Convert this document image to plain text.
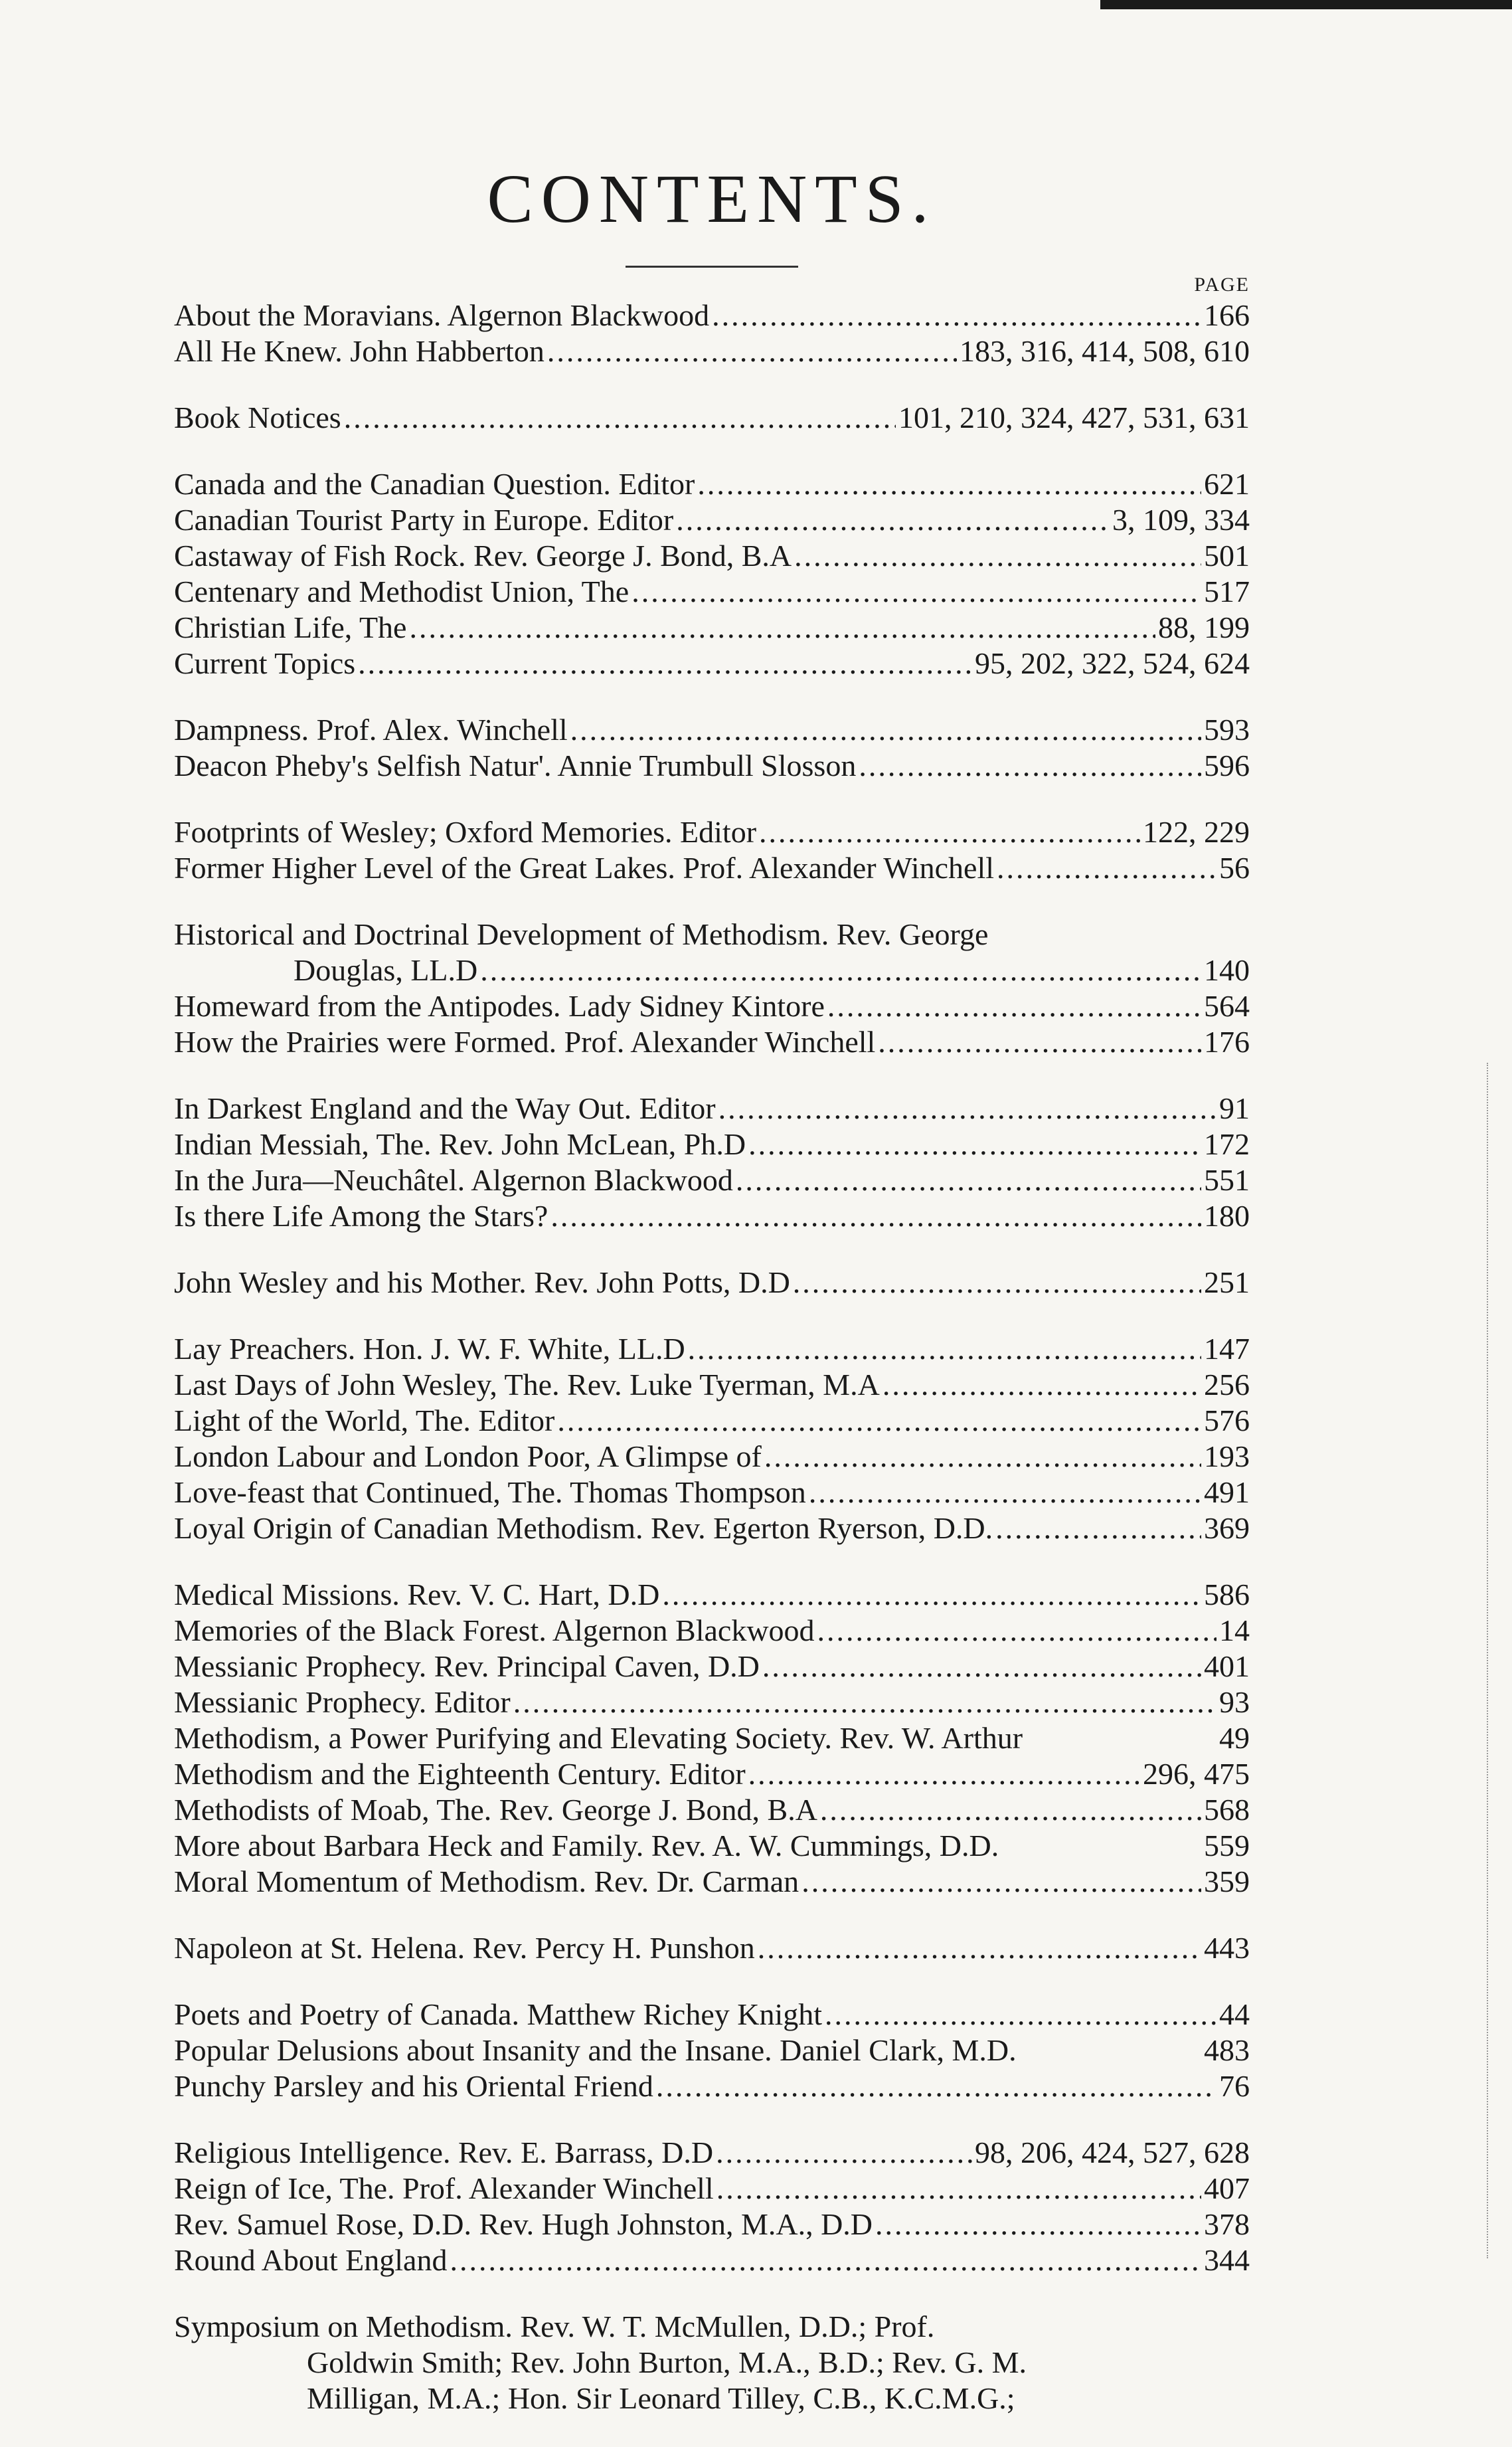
CONTENTS.
PAGE
About the Moravians. Algernon Blackwood .....	166
All He Knew. John Habberton .....	183, 316, 414, 508, 610
Book Notices .....	101, 210, 324, 427, 531, 631
Canada and the Canadian Question. Editor .....	621
Canadian Tourist Party in Europe. Editor .....	3, 109, 334
Castaway of Fish Rock. Rev. George J. Bond, B.A .....	501
Centenary and Methodist Union, The .....	517
Christian Life, The .....	88, 199
Current Topics .....	95, 202, 322, 524, 624
Dampness. Prof. Alex. Winchell .....	593
Deacon Pheby's Selfish Natur'. Annie Trumbull Slosson .....	596
Footprints of Wesley; Oxford Memories. Editor .....	122, 229
Former Higher Level of the Great Lakes. Prof. Alexander Winchell .....	56
Historical and Doctrinal Development of Methodism. Rev. George
Douglas, LL.D .....	140
Homeward from the Antipodes. Lady Sidney Kintore .....	564
How the Prairies were Formed. Prof. Alexander Winchell .....	176
In Darkest England and the Way Out. Editor .....	91
Indian Messiah, The. Rev. John McLean, Ph.D .....	172
In the Jura—Neuchâtel. Algernon Blackwood .....	551
Is there Life Among the Stars? .....	180
John Wesley and his Mother. Rev. John Potts, D.D .....	251
Lay Preachers. Hon. J. W. F. White, LL.D .....	147
Last Days of John Wesley, The. Rev. Luke Tyerman, M.A .....	256
Light of the World, The. Editor .....	576
London Labour and London Poor, A Glimpse of .....	193
Love-feast that Continued, The. Thomas Thompson .....	491
Loyal Origin of Canadian Methodism. Rev. Egerton Ryerson, D.D. .....	369
Medical Missions. Rev. V. C. Hart, D.D .....	586
Memories of the Black Forest. Algernon Blackwood .....	14
Messianic Prophecy. Rev. Principal Caven, D.D .....	401
Messianic Prophecy. Editor .....	93
Methodism, a Power Purifying and Elevating Society. Rev. W. Arthur	49
Methodism and the Eighteenth Century. Editor .....	296, 475
Methodists of Moab, The. Rev. George J. Bond, B.A .....	568
More about Barbara Heck and Family. Rev. A. W. Cummings, D.D.	559
Moral Momentum of Methodism. Rev. Dr. Carman .....	359
Napoleon at St. Helena. Rev. Percy H. Punshon .....	443
Poets and Poetry of Canada. Matthew Richey Knight .....	44
Popular Delusions about Insanity and the Insane. Daniel Clark, M.D.	483
Punchy Parsley and his Oriental Friend .....	76
Religious Intelligence. Rev. E. Barrass, D.D .....	98, 206, 424, 527, 628
Reign of Ice, The. Prof. Alexander Winchell .....	407
Rev. Samuel Rose, D.D. Rev. Hugh Johnston, M.A., D.D .....	378
Round About England .....	344
Symposium on Methodism. Rev. W. T. McMullen, D.D.; Prof.
Goldwin Smith; Rev. John Burton, M.A., B.D.; Rev. G. M.
Milligan, M.A.; Hon. Sir Leonard Tilley, C.B., K.C.M.G.;
